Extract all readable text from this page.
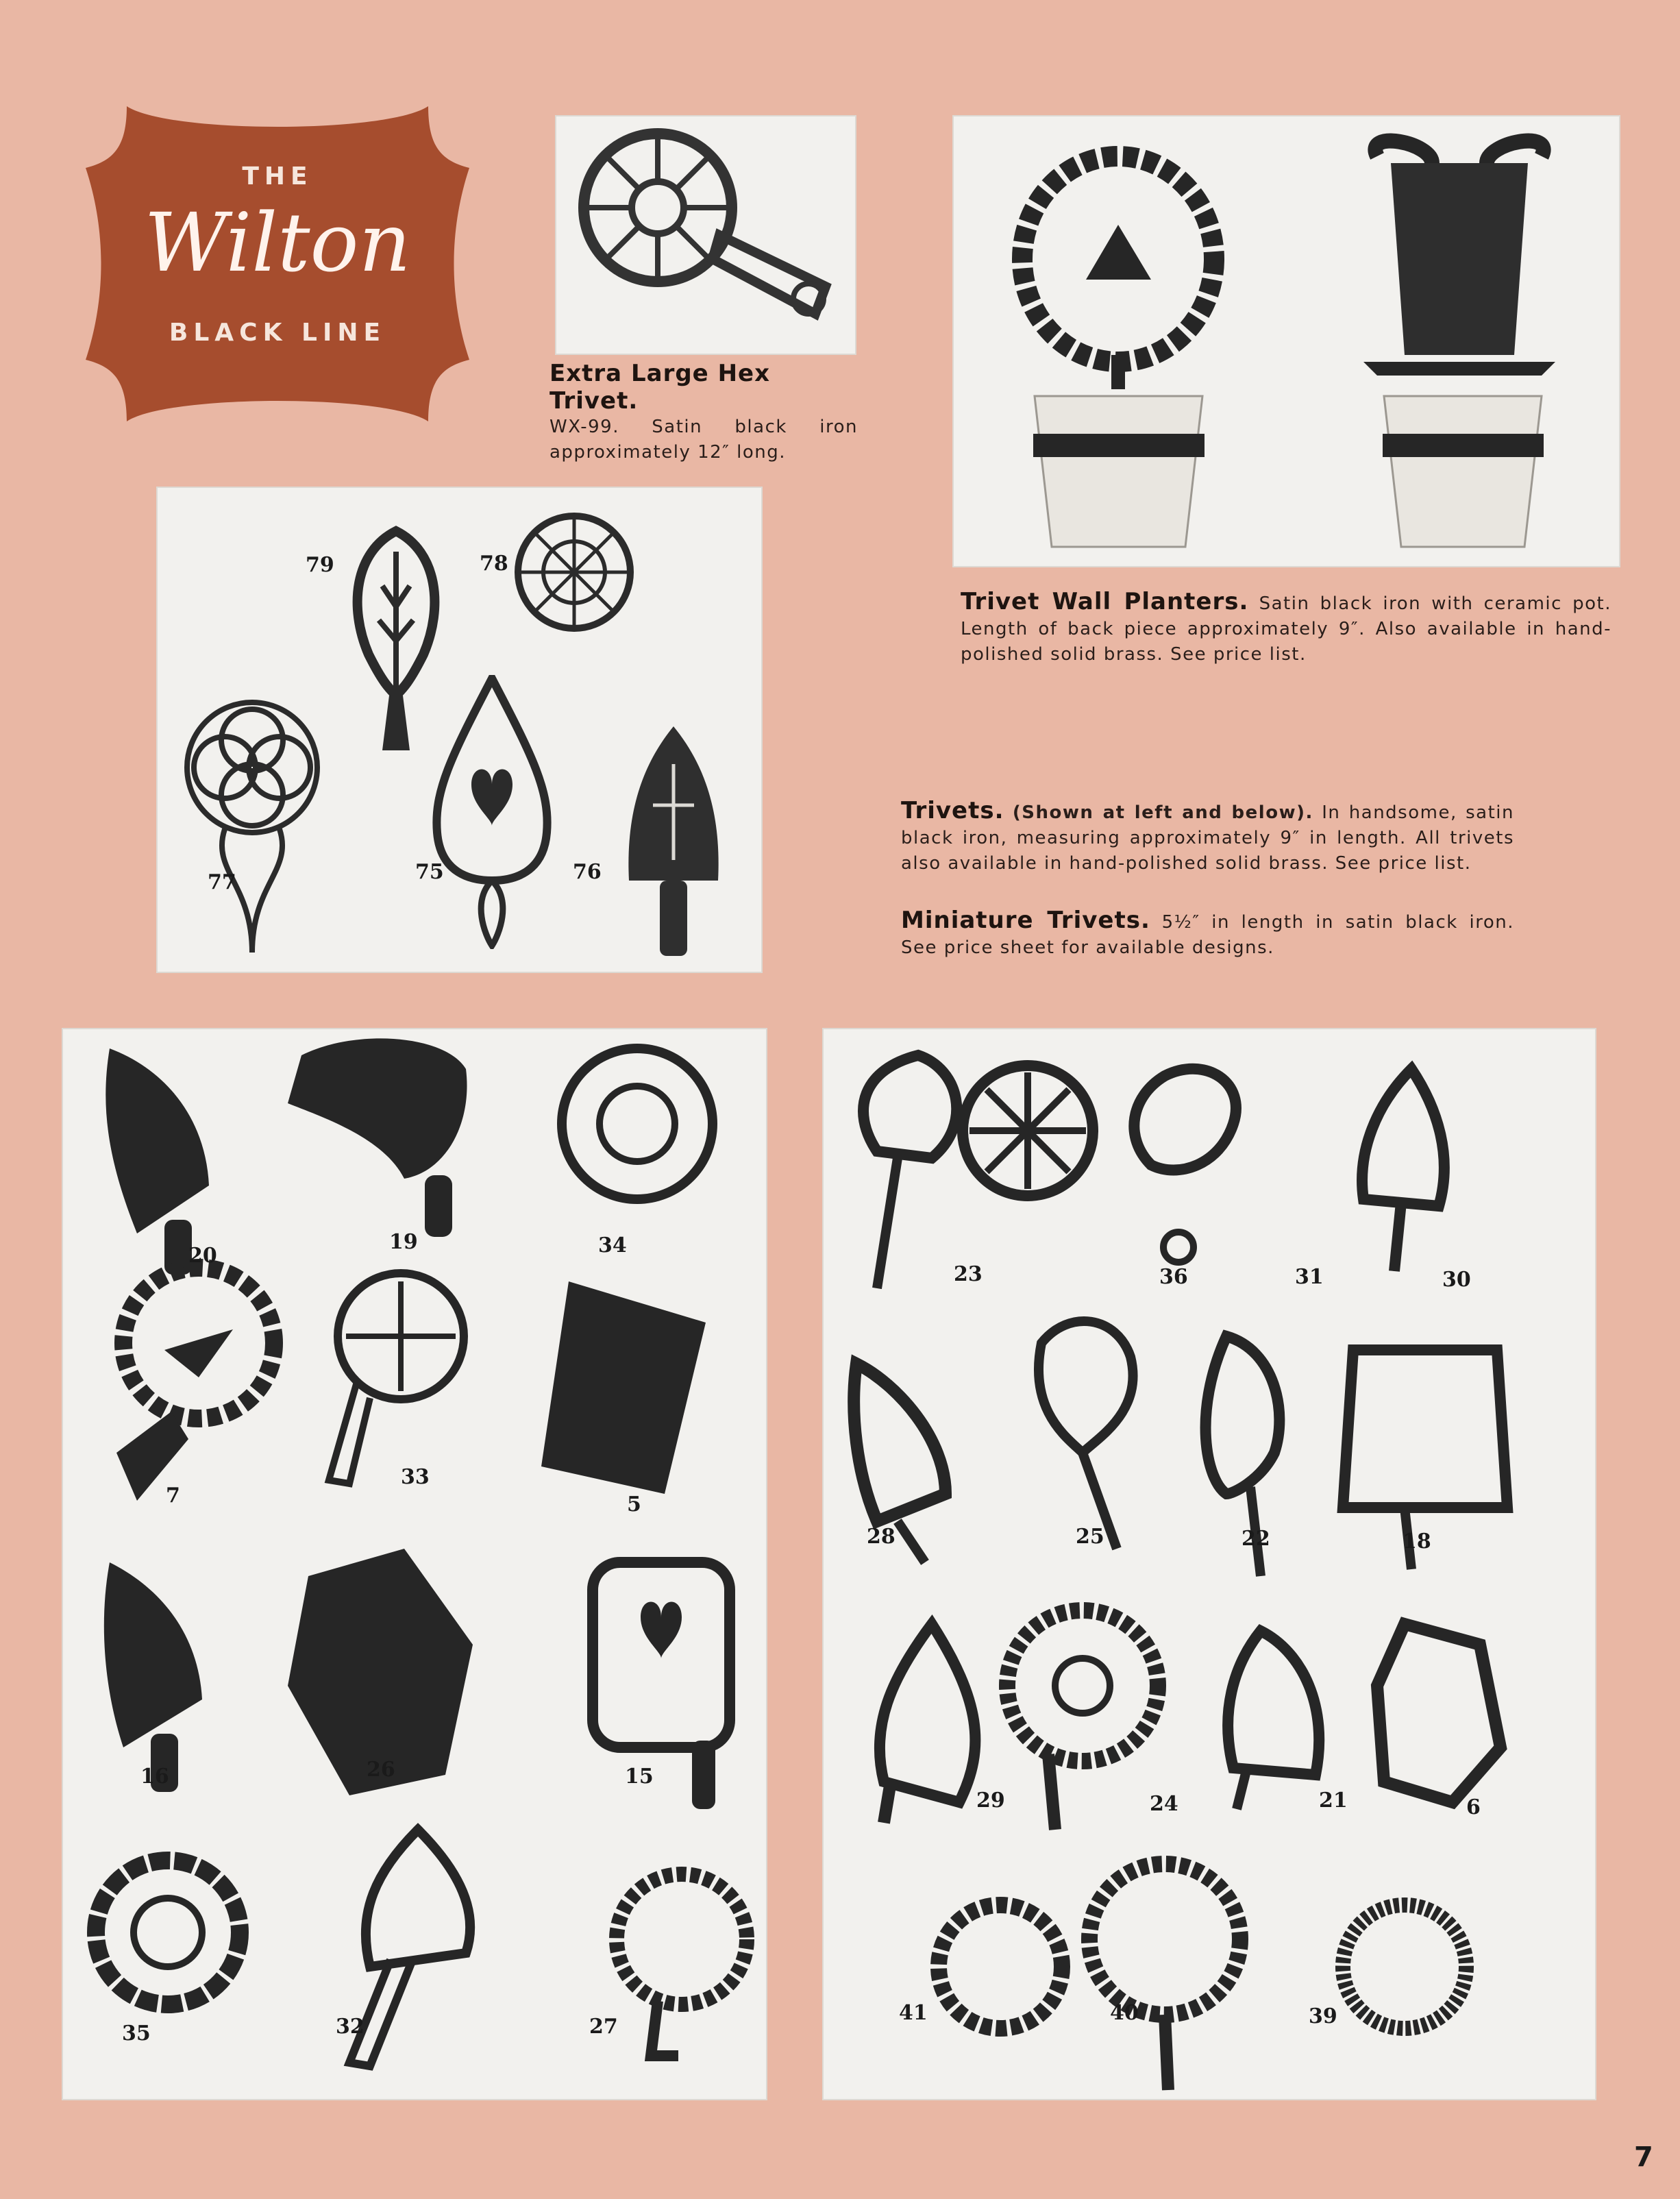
THE
Wilton
BLACK LINE
Extra Large Hex Trivet.
WX-99. Satin black iron approximately 12″ long.
Trivet Wall Planters. Satin black iron with ceramic pot. Length of back piece approximately 9″. Also available in hand-polished solid brass. See price list.
79	78
77	75	76
Trivets. (Shown at left and below). In handsome, satin black iron, measuring approximately 9″ in length. All trivets also available in hand-polished solid brass. See price list.
Miniature Trivets. 5½″ in length in satin black iron. See price sheet for available designs.
20
19	34
7
33
5
16	26	15
35	32	27
23	36	31	30
28	25	22	18
29	24	21	6
41	40	39
7
